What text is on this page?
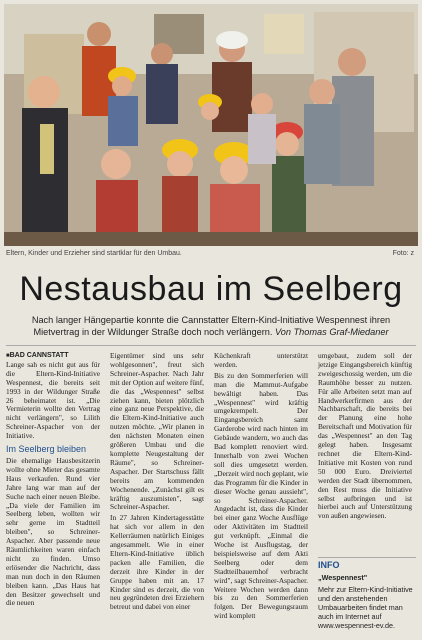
Eltern, Kinder und Erzieher sind startklar für den Umbau.	Foto: z
Nestausbau im Seelberg
Nach langer Hängepartie konnte die Cannstatter Eltern-Kind-Initiative Wespennest ihren Mietvertrag in der Wildunger Straße doch noch verlängern. Von Thomas Graf-Miedaner
■ BAD CANNSTATT

Lange sah es nicht gut aus für die Eltern-Kind-Initiative Wespennest, die bereits seit 1993 in der Wildunger Straße 26 beheimatet ist. „Die Vermieterin wollte den Vertrag nicht verlängern", so Lilith Schreiner-Aspacher von der Initiative.

Im Seelberg bleiben

Die ehemalige Hausbesitzerin wollte ohne Mieter das gesamte Haus verkaufen. Rund vier Jahre lang war man auf der Suche nach einer neuen Bleibe. „Da viele der Familien im Seelberg leben, wollten wir sehr gerne im Stadtteil bleiben", so Schreiner-Aspacher. Aber passende neue Räumlichkeiten waren einfach nicht zu finden. Umso erlösender die Nachricht, dass man nun doch in den Räumen bleiben kann. „Das Haus hat den Besitzer gewechselt und die neuen

Eigentümer sind uns sehr wohlgesonnen", freut sich Schreiner-Aspacher. Nach Jahr mit der Option auf weitere fünf, die das „Wespennest" selbst ziehen kann, bieten plötzlich eine ganz neue Perspektive, die die Eltern-Kind-Initiative auch nutzen möchte. „Wir planen in den nächsten Monaten einen größeren Umbau und die komplette Neugestaltung der Räume", so Schreiner-Aspacher. Der Startschuss fällt bereits am kommenden Wochenende. „Zunächst gilt es kräftig auszumisten", sagt Schreiner-Aspacher.

In 27 Jahren Kindertagesstätte hat sich vor allem in den Kellerräumen natürlich Einiges angesammelt. Wie in einer Eltern-Kind-Initiative üblich packen alle Familien, die derzeit ihre Kinder in der Gruppe haben mit an. 17 Kinder sind es derzeit, die von neu gegründeten drei Erziehern betreut und dabei von einer

Küchenkraft unterstützt werden.

Bis zu den Sommerferien will man die Mammut-Aufgabe bewältigt haben. Das „Wespennest" wird kräftig umgekrempelt. Der Eingangsbereich samt Garderobe wird nach hinten im Gebäude wandern, wo auch das Bad komplett renoviert wird. Innerhalb von zwei Wochen soll dies umgesetzt werden. „Derzeit wird noch geplant, wie das Programm für die Kinder in dieser Woche genau aussieht", so Schreiner-Aspacher. Angedacht ist, dass die Kinder bei einer ganz Woche Ausflüge oder Aktivitäten im Stadtteil gut verknüpft. „Einmal die Woche ist Ausflugstag, der beispielsweise auf dem Akti Seelberg oder dem Stadtteilbauernhof verbracht wird", sagt Schreiner-Aspacher. Weitere Wochen werden dann bis zu den Sommerferien folgen. Der Bewegungsraum wird komplett

umgebaut, zudem soll der jetzige Eingangsbereich künftig zweigeschossig werden, um die Raumhöhe besser zu nutzen. Für alle Arbeiten setzt man auf Handwerkerfirmen aus der Nachbarschaft, die bereits bei der Planung eine hohe Bereitschaft und Motivation für das „Wespennest" an den Tag gelegt haben. Insgesamt rechnet die Eltern-Kind-Initiative mit Kosten von rund 50 000 Euro. Dreiviertel werden der Stadt übernommen, den Rest muss die Initiative selbst aufbringen und ist hierbei auch auf Unterstützung von außen angewiesen.

INFO
„Wespennest"
Mehr zur Eltern-Kind-Initiative und den anstehenden Umbauarbeiten findet man auch im Internet auf www.wespennest-ev.de.
